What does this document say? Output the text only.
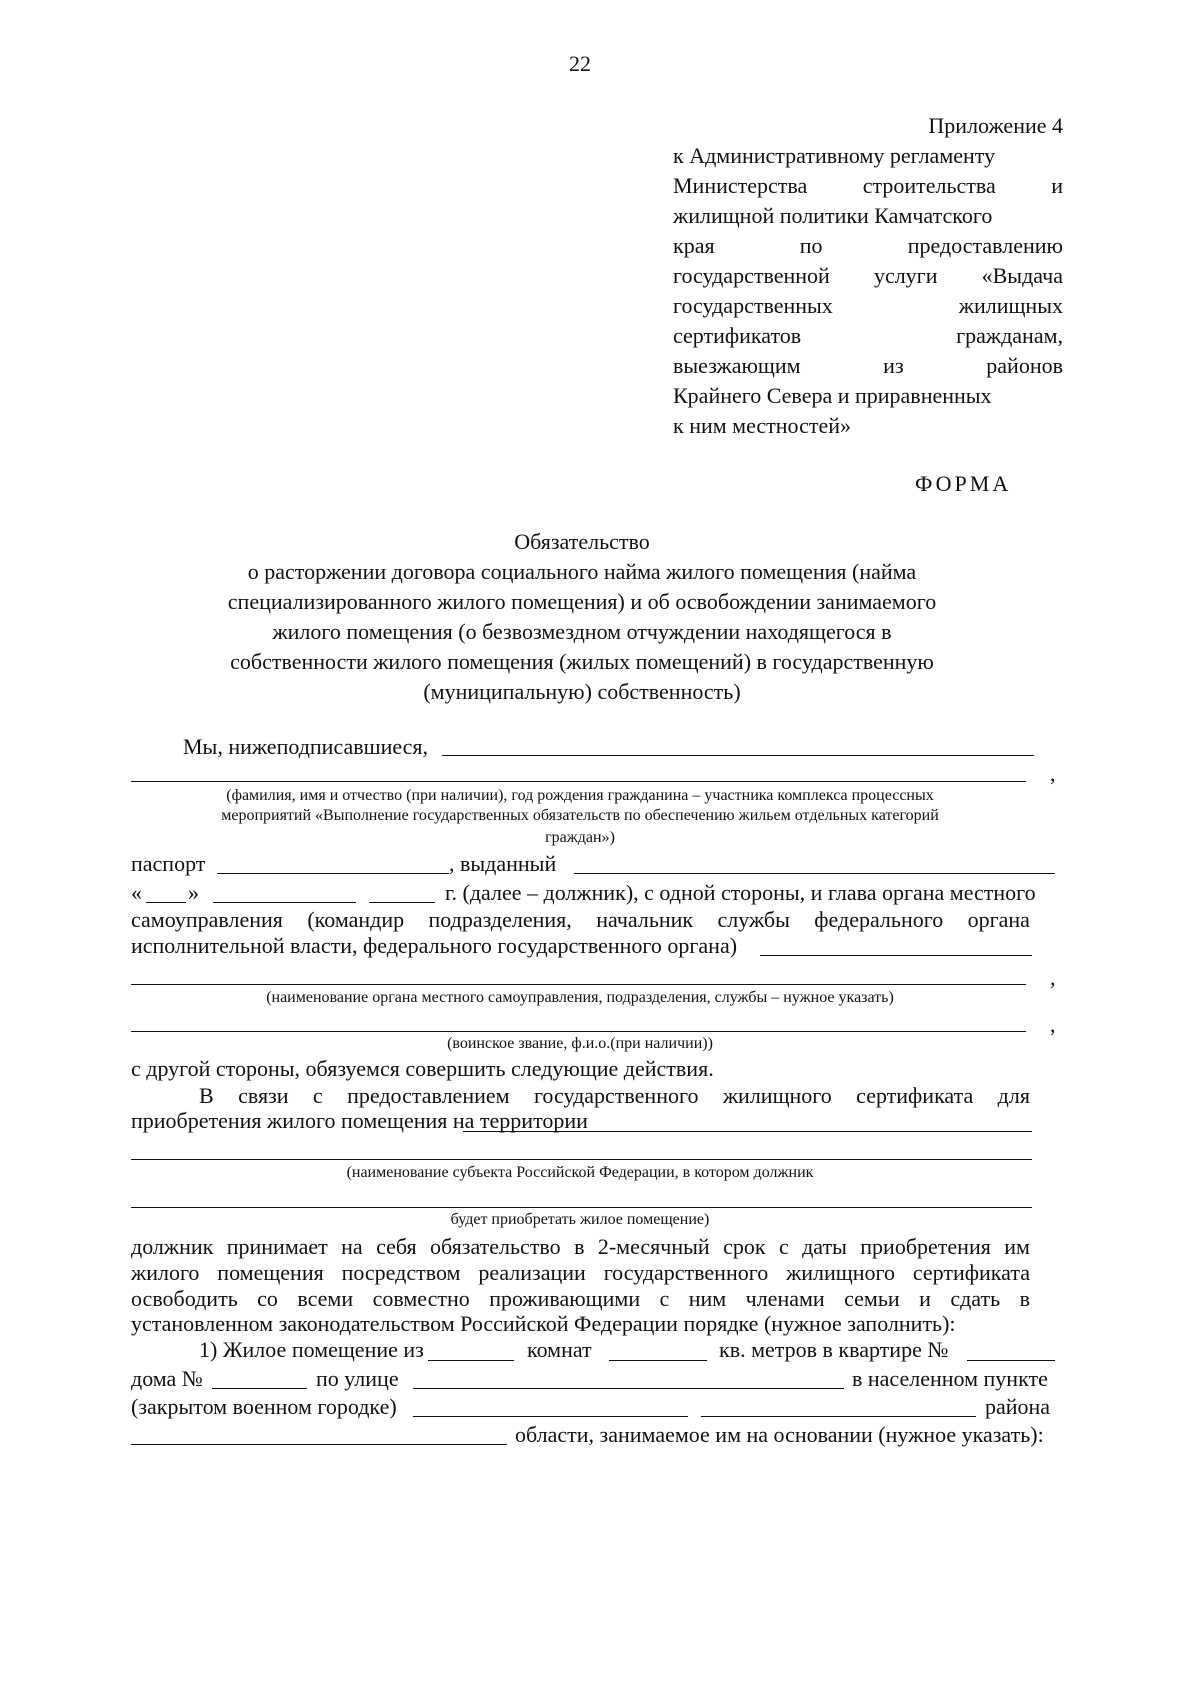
22
Приложение 4
к Административному регламенту
Министерства	строительства	и
жилищной политики Камчатского
края	по	предоставлению
государственной услуги «Выдача
государственных	жилищных
сертификатов	гражданам,
выезжающим	из	районов
Крайнего Севера и приравненных
к ним местностей»
ФОРМА
Обязательство
о расторжении договора социального найма жилого помещения (найма
специализированного жилого помещения) и об освобождении занимаемого
жилого помещения (о безвозмездном отчуждении находящегося в
собственности жилого помещения (жилых помещений) в государственную
(муниципальную) собственность)
Мы, нижеподписавшиеся,
,
(фамилия, имя и отчество (при наличии), год рождения гражданина – участника комплекса процессных
мероприятий «Выполнение государственных обязательств по обеспечению жильем отдельных категорий
граждан»)
паспорт	, выданный
« »	г. (далее – должник), с одной стороны, и глава органа местного
самоуправления (командир подразделения, начальник службы федерального органа
исполнительной власти, федерального государственного органа)
,
(наименование органа местного самоуправления, подразделения, службы – нужное указать)
,
(воинское звание, ф.и.о.(при наличии))
с другой стороны, обязуемся совершить следующие действия.
В связи с предоставлением государственного жилищного сертификата для
приобретения жилого помещения на территории
(наименование субъекта Российской Федерации, в котором должник
будет приобретать жилое помещение)
должник принимает на себя обязательство в 2-месячный срок с даты приобретения им
жилого помещения посредством реализации государственного жилищного сертификата
освободить со всеми совместно проживающими с ним членами семьи и сдать в
установленном законодательством Российской Федерации порядке (нужное заполнить):
1) Жилое помещение из	комнат	кв. метров в квартире №
дома №	по улице	в населенном пункте
(закрытом военном городке)	района
области, занимаемое им на основании (нужное указать):
